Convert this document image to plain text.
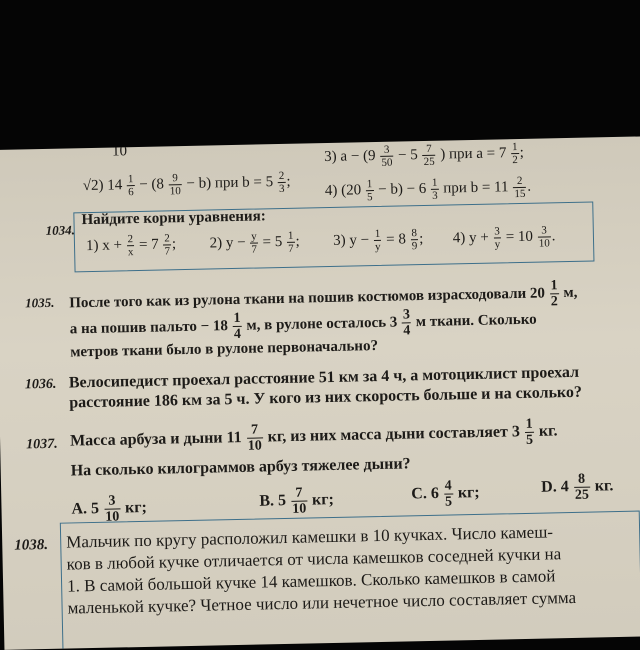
10	3) $a - (9 \frac{3}{50} - 5 \frac{7}{25}$ ) при $a = 7 \frac{1}{2}$ ;
√2) $14 \frac{1}{6} - (8 \frac{9}{10} - b)$ при $b = 5 \frac{2}{3}$ ;
4) $(20 \frac{1}{5} - b) - 6 \frac{1}{3}$ при $b = 11 \frac{2}{15}$ .
1034.
Найдите корни уравнения:
1) $x + \frac{2}{x} = 7 \frac{2}{7}$ ;  2) $y - \frac{y}{7} = 5 \frac{1}{7}$ ;  3) $y - \frac{1}{y} = 8 \frac{8}{9}$ ;  4) $y + \frac{3}{y} = 10 \frac{3}{10}$ .
1035. После того как из рулона ткани на пошив костюмов израсходовали $20 \frac{1}{2} м$,
а на пошив пальто − $18 \frac{1}{4} м$, в рулоне осталось $3 \frac{3}{4}$ м ткани. Сколько
метров ткани было в рулоне первоначально?
1036. Велосипедист проехал расстояние 51 км за 4 ч, а мотоциклист проехал
расстояние 186 км за 5 ч. У кого из них скорость больше и на сколько?
1037. Масса арбуза и дыни $11 \frac{7}{10}$ кг, из них масса дыни составляет $3 \frac{1}{5}$ кг.
На сколько килограммов арбуз тяжелее дыни?
А. $5 \frac{3}{10}$ кг;	В. $5 \frac{7}{10}$ кг;	С. $6 \frac{4}{5}$ кг;	D. $4 \frac{8}{25}$ кг.
1038. Мальчик по кругу расположил камешки в 10 кучках. Число камеш-
ков в любой кучке отличается от числа камешков соседней кучки на
1. В самой большой кучке 14 камешков. Сколько камешков в самой
маленькой кучке? Четное число или нечетное число составляет сумма
